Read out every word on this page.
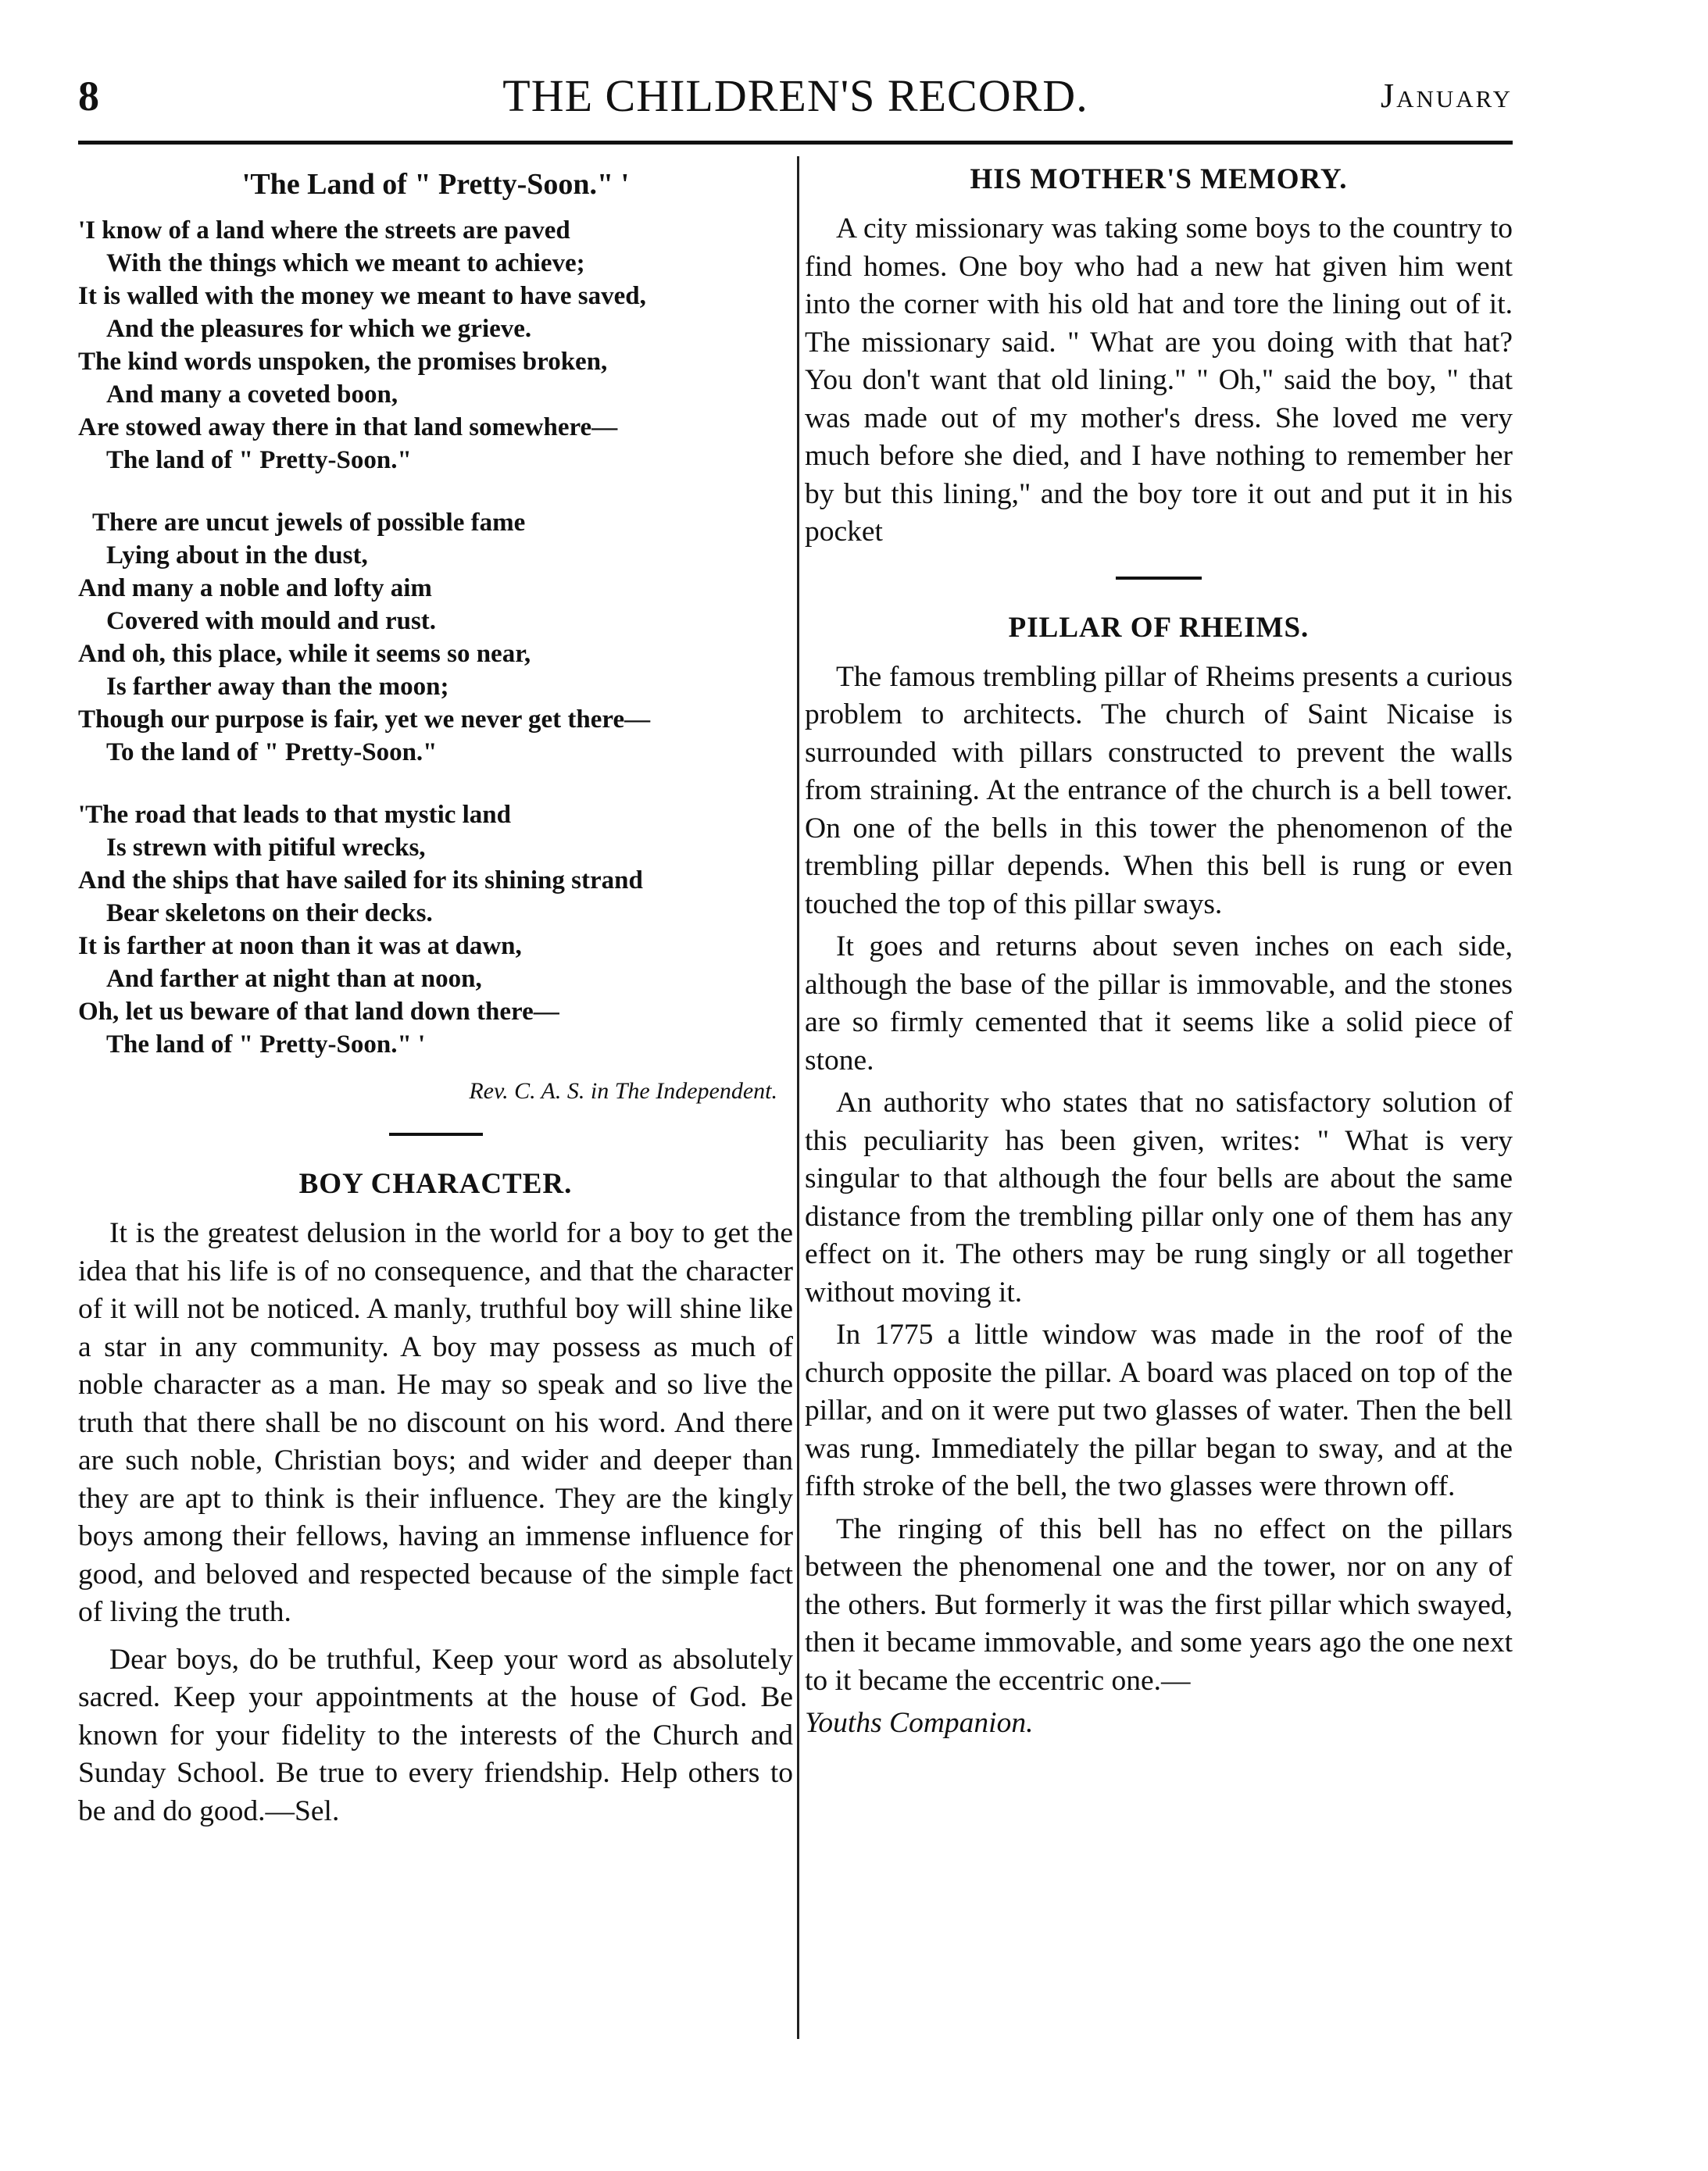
8	THE CHILDREN'S RECORD.	January
'The Land of " Pretty-Soon." '
'I know of a land where the streets are paved
With the things which we meant to achieve;
It is walled with the money we meant to have saved,
And the pleasures for which we grieve.
The kind words unspoken, the promises broken,
And many a coveted boon,
Are stowed away there in that land somewhere—
The land of " Pretty-Soon."
There are uncut jewels of possible fame
Lying about in the dust,
And many a noble and lofty aim
Covered with mould and rust.
And oh, this place, while it seems so near,
Is farther away than the moon;
Though our purpose is fair, yet we never get there—
To the land of " Pretty-Soon."
'The road that leads to that mystic land
Is strewn with pitiful wrecks,
And the ships that have sailed for its shining strand
Bear skeletons on their decks.
It is farther at noon than it was at dawn,
And farther at night than at noon,
Oh, let us beware of that land down there—
The land of " Pretty-Soon." '
Rev. C. A. S. in The Independent.
BOY CHARACTER.

It is the greatest delusion in the world for a boy to get the idea that his life is of no consequence, and that the character of it will not be noticed. A manly, truthful boy will shine like a star in any community. A boy may possess as much of noble character as a man. He may so speak and so live the truth that there shall be no discount on his word. And there are such noble, Christian boys; and wider and deeper than they are apt to think is their influence. They are the kingly boys among their fellows, having an immense influence for good, and beloved and respected because of the simple fact of living the truth.

Dear boys, do be truthful, Keep your word as absolutely sacred. Keep your appointments at the house of God. Be known for your fidelity to the interests of the Church and Sunday School. Be true to every friendship. Help others to be and do good.—Sel.

HIS MOTHER'S MEMORY.

A city missionary was taking some boys to the country to find homes. One boy who had a new hat given him went into the corner with his old hat and tore the lining out of it. The missionary said. " What are you doing with that hat? You don't want that old lining." " Oh," said the boy, " that was made out of my mother's dress. She loved me very much before she died, and I have nothing to remember her by but this lining," and the boy tore it out and put it in his pocket

PILLAR OF RHEIMS.

The famous trembling pillar of Rheims presents a curious problem to architects. The church of Saint Nicaise is surrounded with pillars constructed to prevent the walls from straining. At the entrance of the church is a bell tower. On one of the bells in this tower the phenomenon of the trembling pillar depends. When this bell is rung or even touched the top of this pillar sways.

It goes and returns about seven inches on each side, although the base of the pillar is immovable, and the stones are so firmly cemented that it seems like a solid piece of stone.

An authority who states that no satisfactory solution of this peculiarity has been given, writes: " What is very singular to that although the four bells are about the same distance from the trembling pillar only one of them has any effect on it. The others may be rung singly or all together without moving it.

In 1775 a little window was made in the roof of the church opposite the pillar. A board was placed on top of the pillar, and on it were put two glasses of water. Then the bell was rung. Immediately the pillar began to sway, and at the fifth stroke of the bell, the two glasses were thrown off.

The ringing of this bell has no effect on the pillars between the phenomenal one and the tower, nor on any of the others. But formerly it was the first pillar which swayed, then it became immovable, and some years ago the one next to it became the eccentric one.—

Youths Companion.
